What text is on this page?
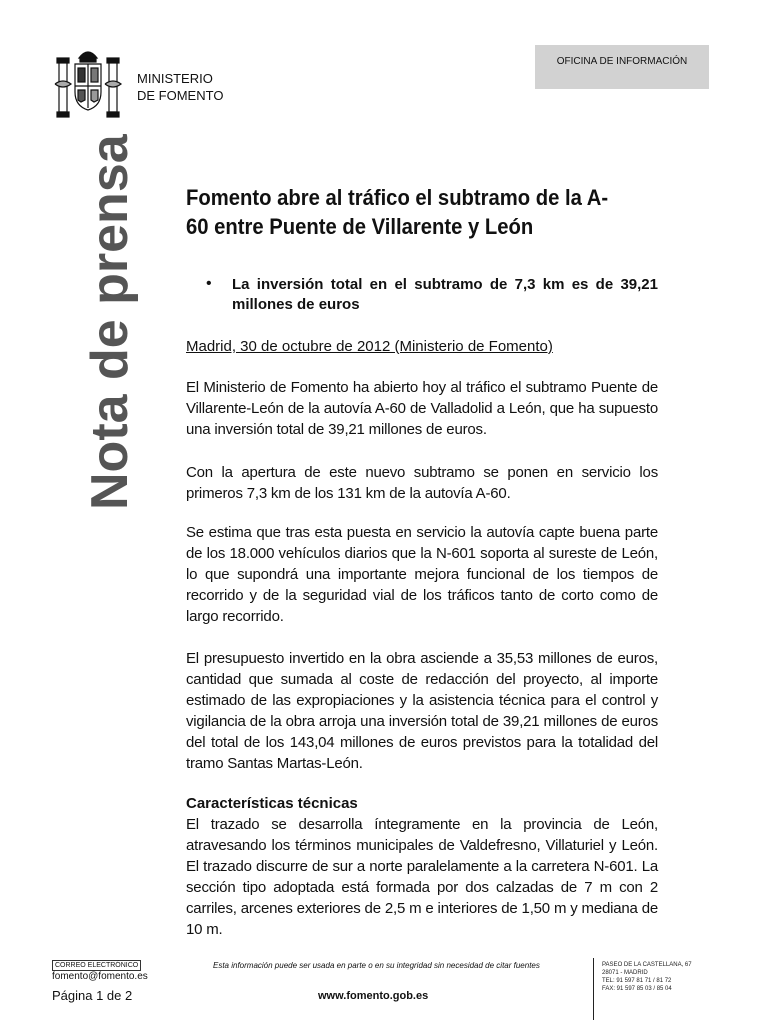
MINISTERIO
DE FOMENTO
OFICINA DE INFORMACIÓN
Nota de prensa Fomento abre al tráfico el subtramo de la A-60 entre Puente de Villarente y León
• La inversión total en el subtramo de 7,3 km es de 39,21 millones de euros
Madrid, 30 de octubre de 2012 (Ministerio de Fomento)
El Ministerio de Fomento ha abierto hoy al tráfico el subtramo Puente de Villarente-León de la autovía A-60 de Valladolid a León, que ha supuesto una inversión total de 39,21 millones de euros.
Con la apertura de este nuevo subtramo se ponen en servicio los primeros 7,3 km de los 131 km de la autovía A-60.
Se estima que tras esta puesta en servicio la autovía capte buena parte de los 18.000 vehículos diarios que la N-601 soporta al sureste de León, lo que supondrá una importante mejora funcional de los tiempos de recorrido y de la seguridad vial de los tráficos tanto de corto como de largo recorrido.
El presupuesto invertido en la obra asciende a 35,53 millones de euros, cantidad que sumada al coste de redacción del proyecto, al importe estimado de las expropiaciones y la asistencia técnica para el control y vigilancia de la obra arroja una inversión total de 39,21 millones de euros del total de los 143,04 millones de euros previstos para la totalidad del tramo Santas Martas-León.
Características técnicas
El trazado se desarrolla íntegramente en la provincia de León, atravesando los términos municipales de Valdefresno, Villaturiel y León. El trazado discurre de sur a norte paralelamente a la carretera N-601. La sección tipo adoptada está formada por dos calzadas de 7 m con 2 carriles, arcenes exteriores de 2,5 m e interiores de 1,50 m y mediana de 10 m.
CORREO ELECTRÓNICO
fomento@fomento.es
Página 1 de 2
Esta información puede ser usada en parte o en su integridad sin necesidad de citar fuentes
www.fomento.gob.es
PASEO DE LA CASTELLANA, 67
28071 - MADRID
TEL: 91 597 81 71 / 81 72
FAX: 91 597 85 03 / 85 04
